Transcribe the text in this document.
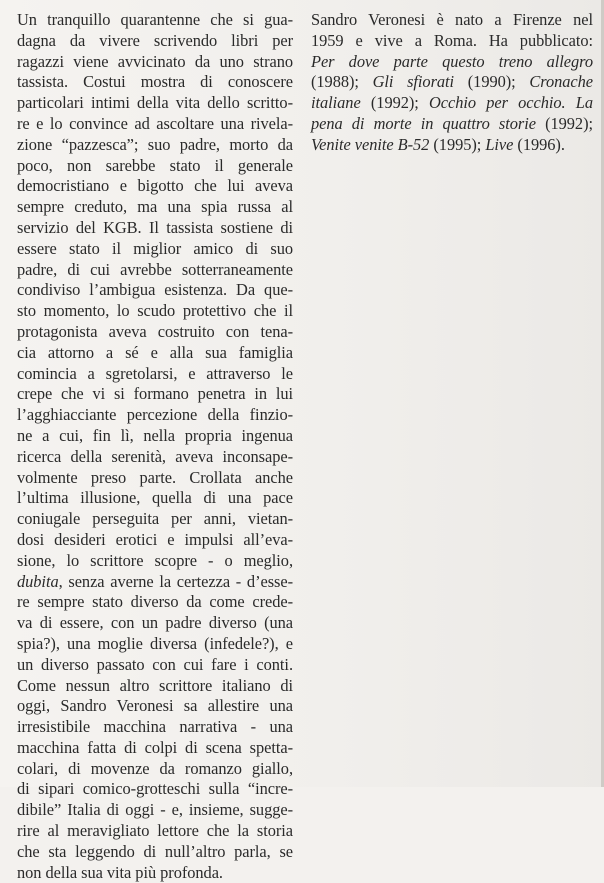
Un tranquillo quarantenne che si gua-
dagna da vivere scrivendo libri per
ragazzi viene avvicinato da uno strano
tassista. Costui mostra di conoscere
particolari intimi della vita dello scritto-
re e lo convince ad ascoltare una rivela-
zione “pazzesca”; suo padre, morto da
poco, non sarebbe stato il generale
democristiano e bigotto che lui aveva
sempre creduto, ma una spia russa al
servizio del KGB. Il tassista sostiene di
essere stato il miglior amico di suo
padre, di cui avrebbe sotterraneamente
condiviso l’ambigua esistenza. Da que-
sto momento, lo scudo protettivo che il
protagonista aveva costruito con tena-
cia attorno a sé e alla sua famiglia
comincia a sgretolarsi, e attraverso le
crepe che vi si formano penetra in lui
l’agghiacciante percezione della finzio-
ne a cui, fin lì, nella propria ingenua
ricerca della serenità, aveva inconsape-
volmente preso parte. Crollata anche
l’ultima illusione, quella di una pace
coniugale perseguita per anni, vietan-
dosi desideri erotici e impulsi all’eva-
sione, lo scrittore scopre - o meglio,
dubita, senza averne la certezza - d’esse-
re sempre stato diverso da come crede-
va di essere, con un padre diverso (una
spia?), una moglie diversa (infedele?), e
un diverso passato con cui fare i conti.
Come nessun altro scrittore italiano di
oggi, Sandro Veronesi sa allestire una
irresistibile macchina narrativa - una
macchina fatta di colpi di scena spetta-
colari, di movenze da romanzo giallo,
di sipari comico-grotteschi sulla “incre-
dibile” Italia di oggi - e, insieme, sugge-
rire al meravigliato lettore che la storia
che sta leggendo di null’altro parla, se
non della sua vita più profonda.
Sandro Veronesi è nato a Firenze nel
1959 e vive a Roma. Ha pubblicato:
Per dove parte questo treno allegro
(1988); Gli sfiorati (1990); Cronache
italiane (1992); Occhio per occhio. La
pena di morte in quattro storie (1992);
Venite venite B-52 (1995); Live (1996).
